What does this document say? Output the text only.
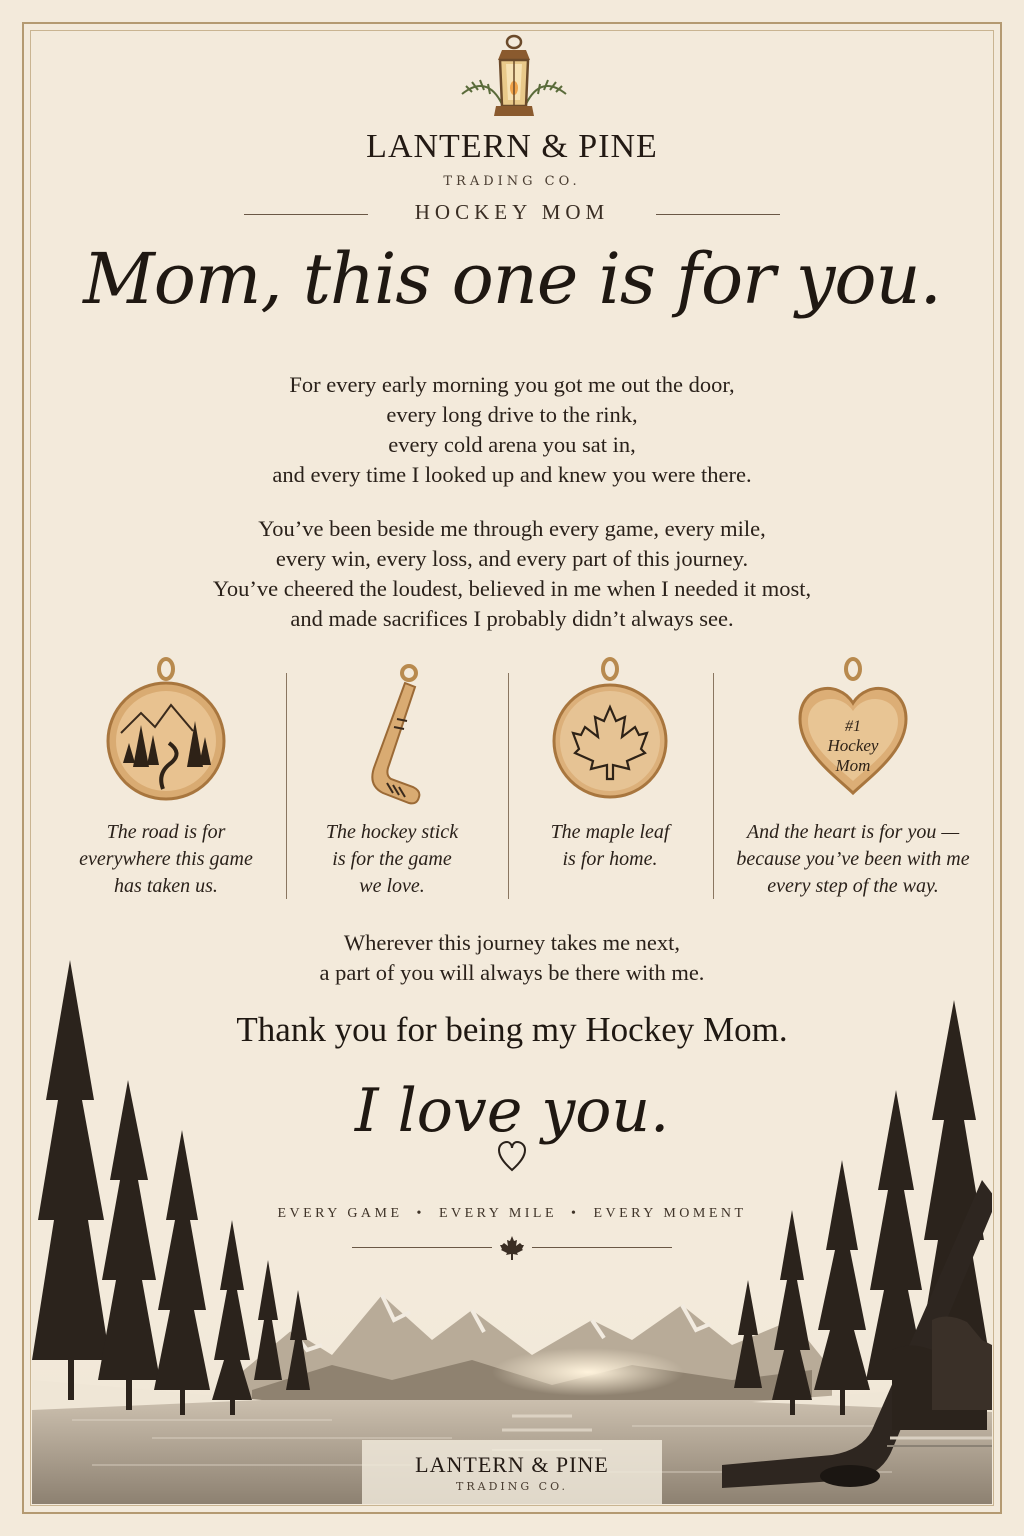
LANTERN & PINE
TRADING CO.
HOCKEY MOM
Mom, this one is for you.
For every early morning you got me out the door,
every long drive to the rink,
every cold arena you sat in,
and every time I looked up and knew you were there.
You’ve been beside me through every game, every mile,
every win, every loss, and every part of this journey.
You’ve cheered the loudest, believed in me when I needed it most,
and made sacrifices I probably didn’t always see.
The road is for
everywhere this game
has taken us.
The hockey stick
is for the game
we love.
The maple leaf
is for home.
#1
Hockey
Mom
And the heart is for you —
because you’ve been with me
every step of the way.
Wherever this journey takes me next,
a part of you will always be there with me.
Thank you for being my Hockey Mom.
I love you.
EVERY GAME • EVERY MILE • EVERY MOMENT
LANTERN & PINE
TRADING CO.
